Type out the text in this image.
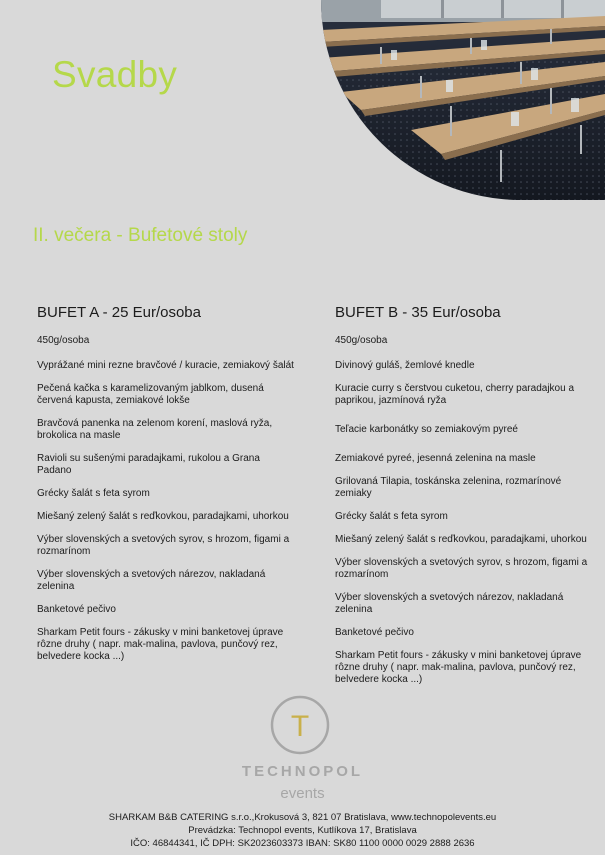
Svadby
II. večera - Bufetové stoly
BUFET A - 25 Eur/osoba

450g/osoba

Vyprážané mini rezne bravčové / kuracie, zemiakový šalát
Pečená kačka s karamelizovaným jablkom, dusená červená kapusta, zemiakové lokše
Bravčová panenka na zelenom korení, maslová ryža, brokolica na masle
Ravioli su sušenými paradajkami, rukolou a Grana Padano
Grécky šalát s feta syrom
Miešaný zelený šalát s reďkovkou, paradajkami, uhorkou
Výber slovenských a svetových syrov, s hrozom, figami a rozmarínom
Výber slovenských a svetových nárezov, nakladaná zelenina
Banketové pečivo
Sharkam Petit fours - zákusky v mini banketovej úprave rôzne druhy ( napr. mak-malina, pavlova, punčový rez, belvedere kocka ...)
BUFET B - 35 Eur/osoba

450g/osoba

Divinový guláš, žemlové knedle
Kuracie curry s čerstvou cuketou, cherry paradajkou a paprikou, jazmínová ryža
Teľacie karbonátky so zemiakovým pyreé
Zemiakové pyreé, jesenná zelenina na masle
Grilovaná Tilapia, toskánska zelenina, rozmarínové zemiaky
Grécky šalát s feta syrom
Miešaný zelený šalát s reďkovkou, paradajkami, uhorkou
Výber slovenských a svetových syrov, s hrozom, figami a rozmarínom
Výber slovenských a svetových nárezov, nakladaná zelenina
Banketové pečivo
Sharkam Petit fours - zákusky v mini banketovej úprave rôzne druhy ( napr. mak-malina, pavlova, punčový rez, belvedere kocka ...)
T

TECHNOPOL

events

SHARKAM B&B CATERING s.r.o.,Krokusová 3, 821 07 Bratislava, www.technopolevents.eu
Prevádzka: Technopol events, Kutlíkova 17, Bratislava
IČO: 46844341, IČ DPH: SK2023603373 IBAN: SK80 1100 0000 0029 2888 2636
